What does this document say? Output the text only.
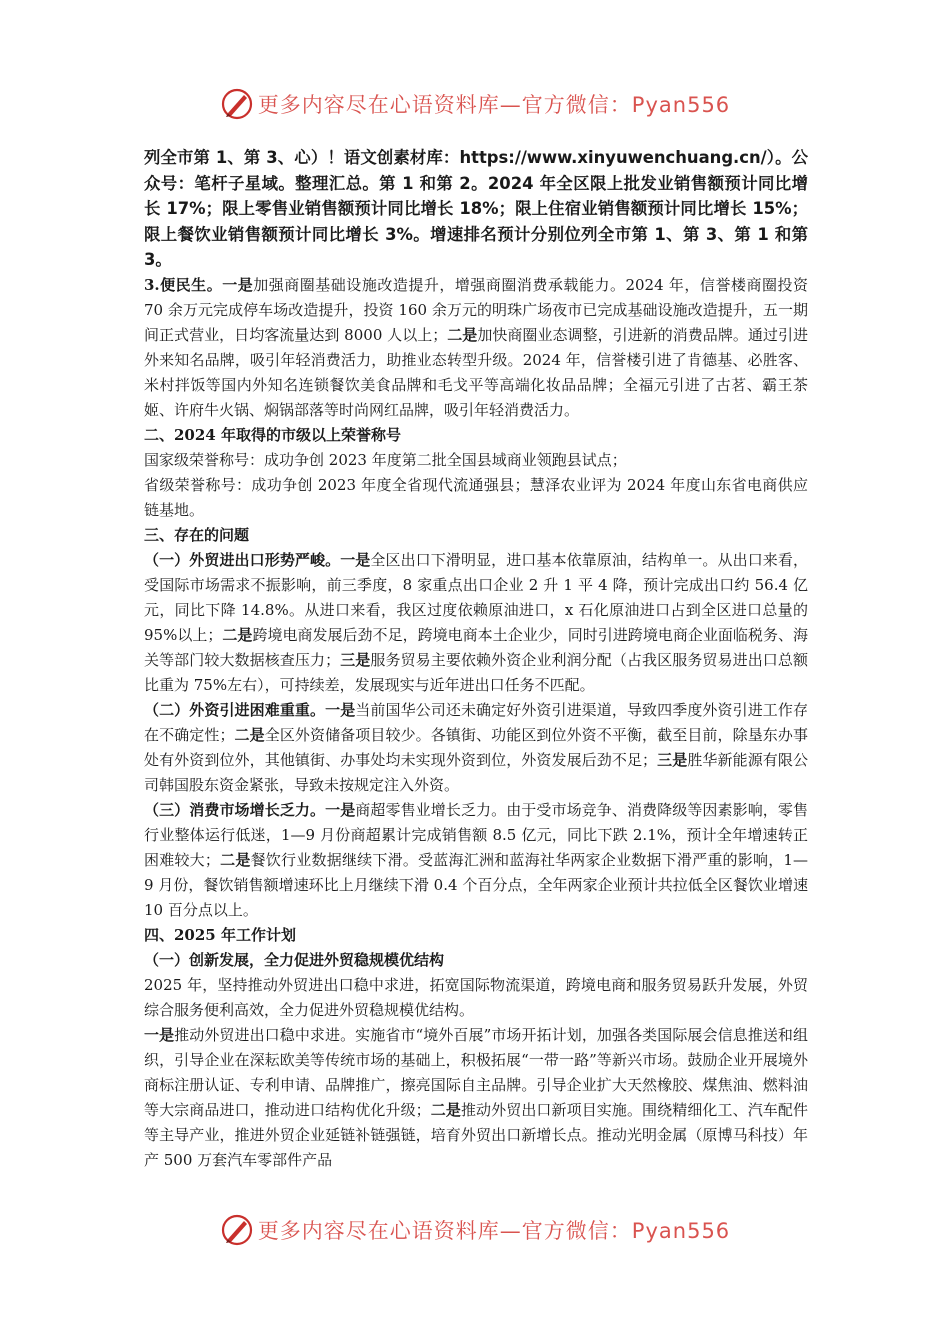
更多内容尽在心语资料库—官方微信：Pyan556

列全市第 1、第 3、心）！语文创素材库：https://www.xinyuwenchuang.cn/）。公众号：笔杆子星域。整理汇总。第 1 和第 2。2024 年全区限上批发业销售额预计同比增长 17%；限上零售业销售额预计同比增长 18%；限上住宿业销售额预计同比增长 15%；限上餐饮业销售额预计同比增长 3%。增速排名预计分别位列全市第 1、第 3、第 1 和第 3。

3.便民生。一是加强商圈基础设施改造提升，增强商圈消费承载能力。2024 年，信誉楼商圈投资 70 余万元完成停车场改造提升，投资 160 余万元的明珠广场夜市已完成基础设施改造提升，五一期间正式营业，日均客流量达到 8000 人以上；二是加快商圈业态调整，引进新的消费品牌。通过引进外来知名品牌，吸引年轻消费活力，助推业态转型升级。2024 年，信誉楼引进了肯德基、必胜客、米村拌饭等国内外知名连锁餐饮美食品牌和毛戈平等高端化妆品品牌；全福元引进了古茗、霸王茶姬、许府牛火锅、焖锅部落等时尚网红品牌，吸引年轻消费活力。

二、2024 年取得的市级以上荣誉称号

国家级荣誉称号：成功争创 2023 年度第二批全国县域商业领跑县试点；

省级荣誉称号：成功争创 2023 年度全省现代流通强县；慧泽农业评为 2024 年度山东省电商供应链基地。

三、存在的问题

（一）外贸进出口形势严峻。一是全区出口下滑明显，进口基本依靠原油，结构单一。从出口来看，受国际市场需求不振影响，前三季度，8 家重点出口企业 2 升 1 平 4 降，预计完成出口约 56.4 亿元，同比下降 14.8%。从进口来看，我区过度依赖原油进口，x 石化原油进口占到全区进口总量的 95%以上；二是跨境电商发展后劲不足，跨境电商本土企业少，同时引进跨境电商企业面临税务、海关等部门较大数据核查压力；三是服务贸易主要依赖外资企业利润分配（占我区服务贸易进出口总额比重为 75%左右），可持续差，发展现实与近年进出口任务不匹配。

（二）外资引进困难重重。一是当前国华公司还未确定好外资引进渠道，导致四季度外资引进工作存在不确定性；二是全区外资储备项目较少。各镇街、功能区到位外资不平衡，截至目前，除垦东办事处有外资到位外，其他镇街、办事处均未实现外资到位，外资发展后劲不足；三是胜华新能源有限公司韩国股东资金紧张，导致未按规定注入外资。

（三）消费市场增长乏力。一是商超零售业增长乏力。由于受市场竞争、消费降级等因素影响，零售行业整体运行低迷，1—9 月份商超累计完成销售额 8.5 亿元，同比下跌 2.1%，预计全年增速转正困难较大；二是餐饮行业数据继续下滑。受蓝海汇洲和蓝海社华两家企业数据下滑严重的影响，1—9 月份，餐饮销售额增速环比上月继续下滑 0.4 个百分点，全年两家企业预计共拉低全区餐饮业增速 10 百分点以上。

四、2025 年工作计划

（一）创新发展，全力促进外贸稳规模优结构

2025 年，坚持推动外贸进出口稳中求进，拓宽国际物流渠道，跨境电商和服务贸易跃升发展，外贸综合服务便利高效，全力促进外贸稳规模优结构。

一是推动外贸进出口稳中求进。实施省市“境外百展”市场开拓计划，加强各类国际展会信息推送和组织，引导企业在深耘欧美等传统市场的基础上，积极拓展“一带一路”等新兴市场。鼓励企业开展境外商标注册认证、专利申请、品牌推广，擦亮国际自主品牌。引导企业扩大天然橡胶、煤焦油、燃料油等大宗商品进口，推动进口结构优化升级；二是推动外贸出口新项目实施。围绕精细化工、汽车配件等主导产业，推进外贸企业延链补链强链，培育外贸出口新增长点。推动光明金属（原博马科技）年产 500 万套汽车零部件产品

更多内容尽在心语资料库—官方微信：Pyan556
